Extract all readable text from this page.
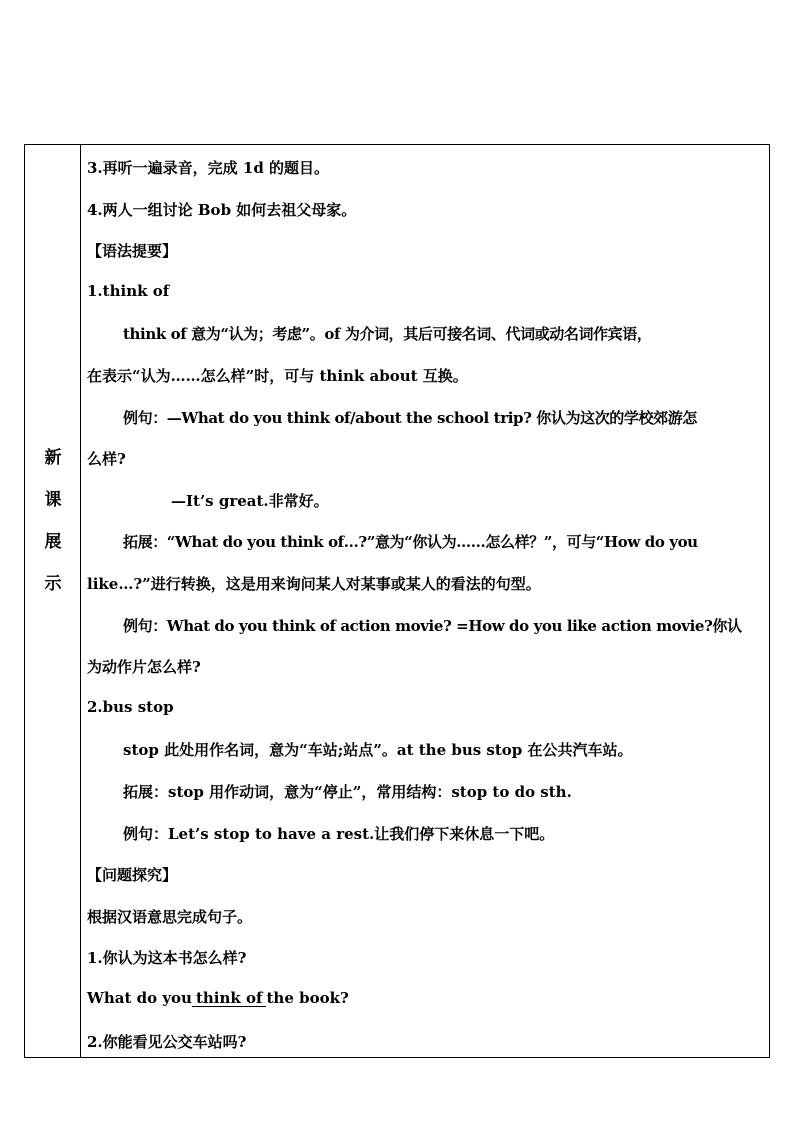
新
课
展
示
3.再听一遍录音，完成 1d 的题目。
4.两人一组讨论 Bob 如何去祖父母家。
【语法提要】
1.think of
think of 意为“认为；考虑”。of 为介词，其后可接名词、代词或动名词作宾语，
在表示“认为……怎么样”时，可与 think about 互换。
例句：—What do you think of/about the school trip? 你认为这次的学校郊游怎
么样?
—It’s great.非常好。
拓展：“What do you think of…?”意为“你认为……怎么样？”，可与“How do you
like…?”进行转换，这是用来询问某人对某事或某人的看法的句型。
例句：What do you think of action movie? =How do you like action movie?你认
为动作片怎么样?
2.bus stop
stop 此处用作名词，意为“车站;站点”。at the bus stop 在公共汽车站。
拓展：stop 用作动词，意为“停止”，常用结构：stop to do sth.
例句：Let’s stop to have a rest.让我们停下来休息一下吧。
【问题探究】
根据汉语意思完成句子。
1.你认为这本书怎么样?
What do you think of the book?
2.你能看见公交车站吗?
